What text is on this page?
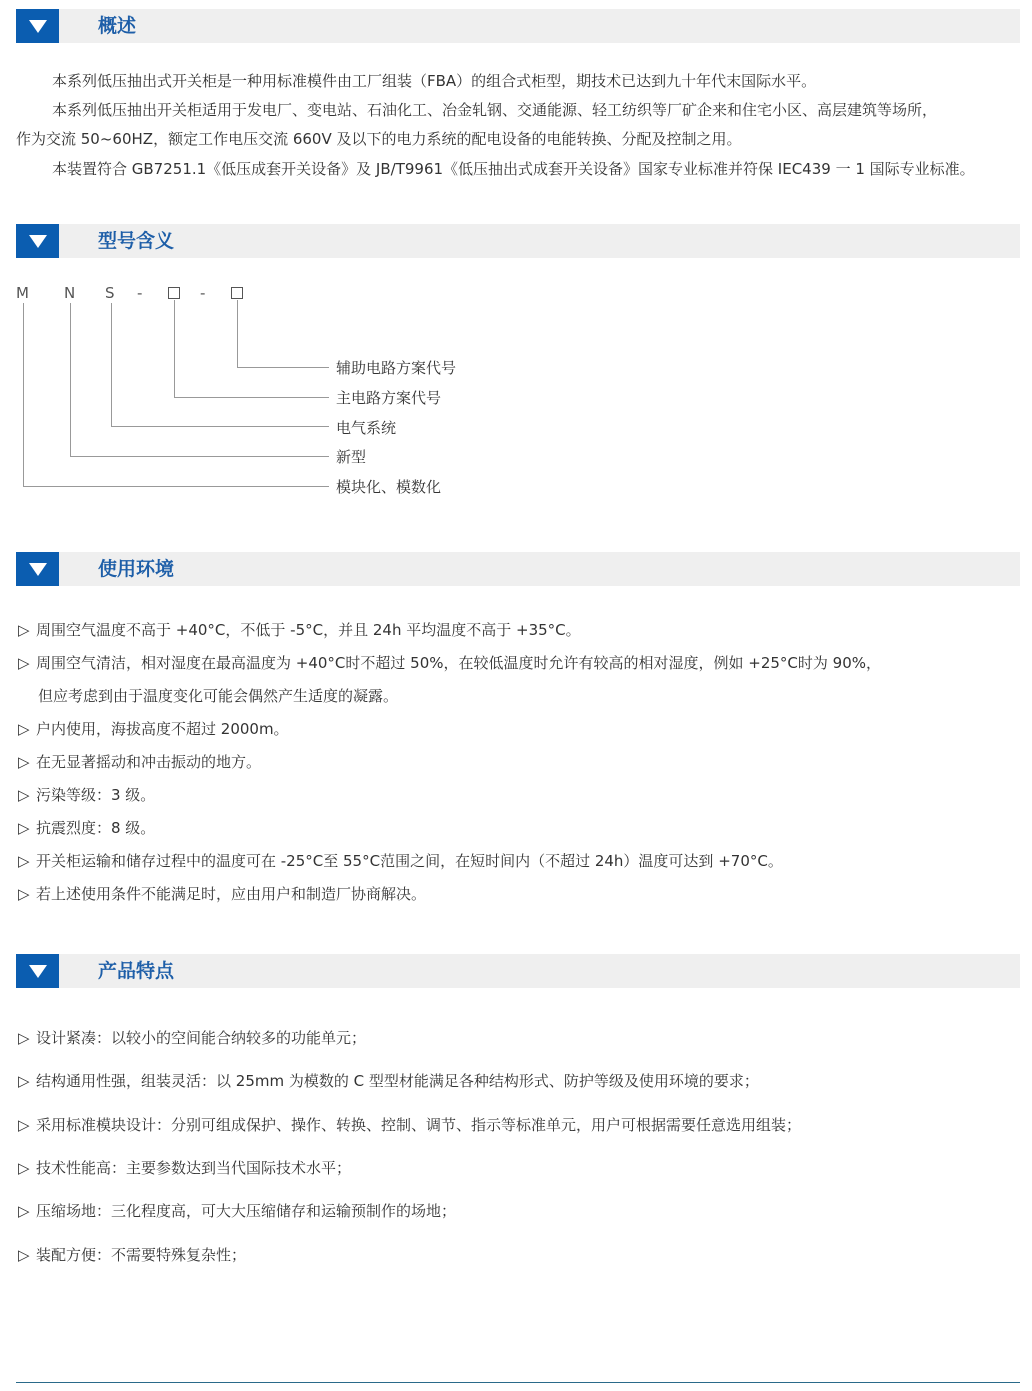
概述
本系列低压抽出式开关柜是一种用标准模件由工厂组装（FBA）的组合式柜型，期技术已达到九十年代末国际水平。
本系列低压抽出开关柜适用于发电厂、变电站、石油化工、冶金轧钢、交通能源、轻工纺织等厂矿企来和住宅小区、高层建筑等场所，
作为交流 50~60HZ，额定工作电压交流 660V 及以下的电力系统的配电设备的电能转换、分配及控制之用。
本装置符合 GB7251.1《低压成套开关设备》及 JB/T9961《低压抽出式成套开关设备》国家专业标准并符保 IEC439 一 1 国际专业标准。
型号含义
M N S -	-
辅助电路方案代号
主电路方案代号
电气系统
新型
模块化、模数化
使用环境
▷ 周围空气温度不高于 +40°C，不低于 -5°C，并且 24h 平均温度不高于 +35°C。
▷ 周围空气清洁，相对湿度在最高温度为 +40°C时不超过 50%，在较低温度时允许有较高的相对湿度，例如 +25°C时为 90%，
但应考虑到由于温度变化可能会偶然产生适度的凝露。
▷ 户内使用，海拔高度不超过 2000m。
▷ 在无显著摇动和冲击振动的地方。
▷ 污染等级：3 级。
▷ 抗震烈度：8 级。
▷ 开关柜运输和储存过程中的温度可在 -25°C至 55°C范围之间，在短时间内（不超过 24h）温度可达到 +70°C。
▷ 若上述使用条件不能满足时，应由用户和制造厂协商解决。
产品特点
▷ 设计紧凑：以较小的空间能合纳较多的功能单元；
▷ 结构通用性强，组装灵活：以 25mm 为模数的 C 型型材能满足各种结构形式、防护等级及使用环境的要求；
▷ 采用标准模块设计：分别可组成保护、操作、转换、控制、调节、指示等标准单元，用户可根据需要任意选用组装；
▷ 技术性能高：主要参数达到当代国际技术水平；
▷ 压缩场地：三化程度高，可大大压缩储存和运输预制作的场地；
▷ 装配方便：不需要特殊复杂性；
